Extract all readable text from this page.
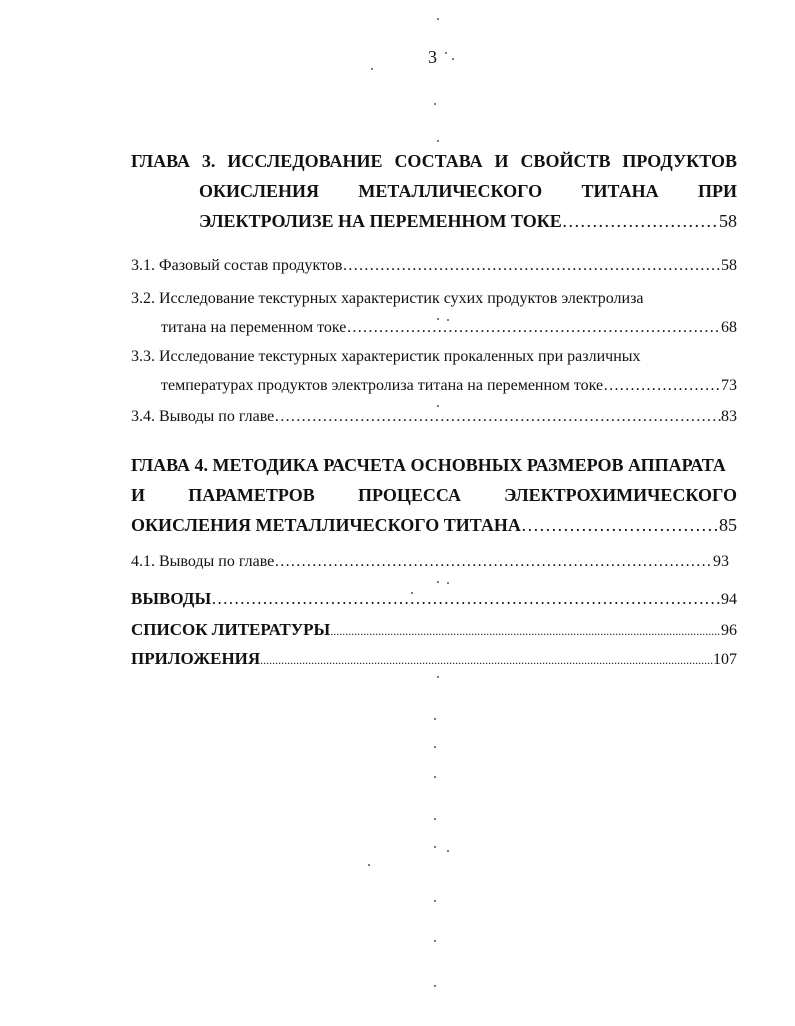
3
ГЛАВА 3. ИССЛЕДОВАНИЕ СОСТАВА И СВОЙСТВ ПРОДУКТОВ
ОКИСЛЕНИЯ МЕТАЛЛИЧЕСКОГО ТИТАНА ПРИ
ЭЛЕКТРОЛИЗЕ НА ПЕРЕМЕННОМ ТОКЕ …………………………………………………………………………………………………………………………………………………………………………………………	58
3.1. Фазовый состав продуктов …………………………………………………………………………………………………………………………………………………………………………………………	58
3.2. Исследование текстурных характеристик сухих продуктов электролиза
титана на переменном токе …………………………………………………………………………………………………………………………………………………………………………………………	68
3.3. Исследование текстурных характеристик прокаленных при различных
температурах продуктов электролиза титана на переменном токе …………………………………………………………………………………………………………………………………………………………………………………………	73
3.4. Выводы по главе …………………………………………………………………………………………………………………………………………………………………………………………	83
ГЛАВА 4. МЕТОДИКА РАСЧЕТА ОСНОВНЫХ РАЗМЕРОВ АППАРАТА
И ПАРАМЕТРОВ ПРОЦЕССА ЭЛЕКТРОХИМИЧЕСКОГО
ОКИСЛЕНИЯ МЕТАЛЛИЧЕСКОГО ТИТАНА …………………………………………………………………………………………………………………………………………………………………………………………	85
4.1. Выводы по главе …………………………………………………………………………………………………………………………………………………………………………………………	93
ВЫВОДЫ …………………………………………………………………………………………………………………………………………………………………………………………	94
СПИСОК ЛИТЕРАТУРЫ .....	96
ПРИЛОЖЕНИЯ .....	107
